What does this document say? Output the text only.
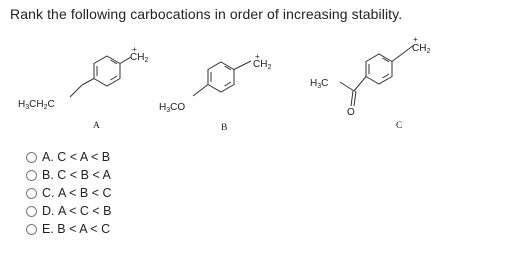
Rank the following carbocations in order of increasing stability.
$CH_2$
+
$H_3CH_2C$
A
$CH_2$
+
$H_3CO$
B
$CH_2$
+
$H_3C$
O
C
A.
C < A < B
B.
C < B < A
C.
A < B < C
D.
A < C < B
E.
B < A < C
